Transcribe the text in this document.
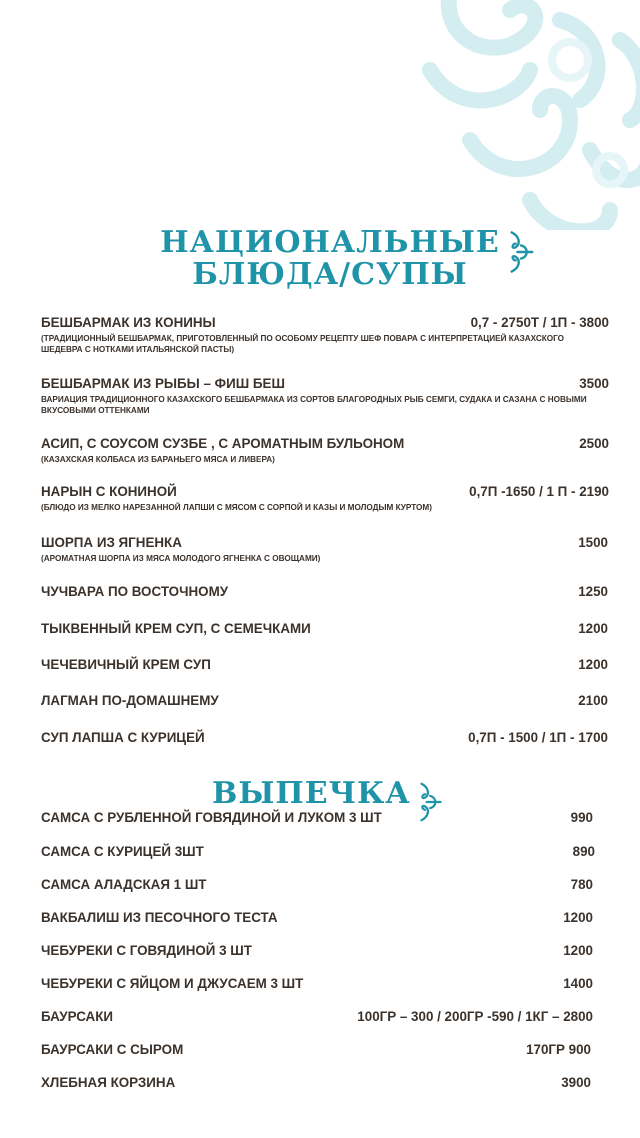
НАЦИОНАЛЬНЫЕ
БЛЮДА/СУПЫ
БЕШБАРМАК ИЗ КОНИНЫ	0,7 - 2750Т / 1П - 3800
(ТРАДИЦИОННЫЙ БЕШБАРМАК, ПРИГОТОВЛЕННЫЙ ПО ОСОБОМУ РЕЦЕПТУ ШЕФ ПОВАРА С ИНТЕРПРЕТАЦИЕЙ КАЗАХСКОГО ШЕДЕВРА С НОТКАМИ ИТАЛЬЯНСКОЙ ПАСТЫ)
БЕШБАРМАК ИЗ РЫБЫ – ФИШ БЕШ	3500
ВАРИАЦИЯ ТРАДИЦИОННОГО КАЗАХСКОГО БЕШБАРМАКА ИЗ СОРТОВ БЛАГОРОДНЫХ РЫБ СЕМГИ, СУДАКА И САЗАНА С НОВЫМИ ВКУСОВЫМИ ОТТЕНКАМИ
АСИП, С СОУСОМ СУЗБЕ , С АРОМАТНЫМ БУЛЬОНОМ	2500
(КАЗАХСКАЯ КОЛБАСА ИЗ БАРАНЬЕГО МЯСА И ЛИВЕРА)
НАРЫН С КОНИНОЙ	0,7П -1650 / 1 П - 2190
(БЛЮДО ИЗ МЕЛКО НАРЕЗАННОЙ ЛАПШИ С МЯСОМ С СОРПОЙ И КАЗЫ И МОЛОДЫМ КУРТОМ)
ШОРПА ИЗ ЯГНЕНКА	1500
(АРОМАТНАЯ ШОРПА ИЗ МЯСА МОЛОДОГО ЯГНЕНКА С ОВОЩАМИ)
ЧУЧВАРА ПО ВОСТОЧНОМУ	1250
ТЫКВЕННЫЙ КРЕМ СУП, С СЕМЕЧКАМИ	1200
ЧЕЧЕВИЧНЫЙ КРЕМ СУП	1200
ЛАГМАН ПО-ДОМАШНЕМУ	2100
СУП ЛАПША С КУРИЦЕЙ	0,7П - 1500 / 1П - 1700
ВЫПЕЧКА
САМСА С РУБЛЕННОЙ ГОВЯДИНОЙ И ЛУКОМ 3 ШТ	990
САМСА С КУРИЦЕЙ 3ШТ	890
САМСА АЛАДСКАЯ 1 ШТ	780
ВАКБАЛИШ ИЗ ПЕСОЧНОГО ТЕСТА	1200
ЧЕБУРЕКИ С ГОВЯДИНОЙ 3 ШТ	1200
ЧЕБУРЕКИ С ЯЙЦОМ И ДЖУСАЕМ 3 ШТ	1400
БАУРСАКИ	100ГР – 300 / 200ГР -590 / 1КГ – 2800
БАУРСАКИ С СЫРОМ	170ГР 900
ХЛЕБНАЯ КОРЗИНА	3900
